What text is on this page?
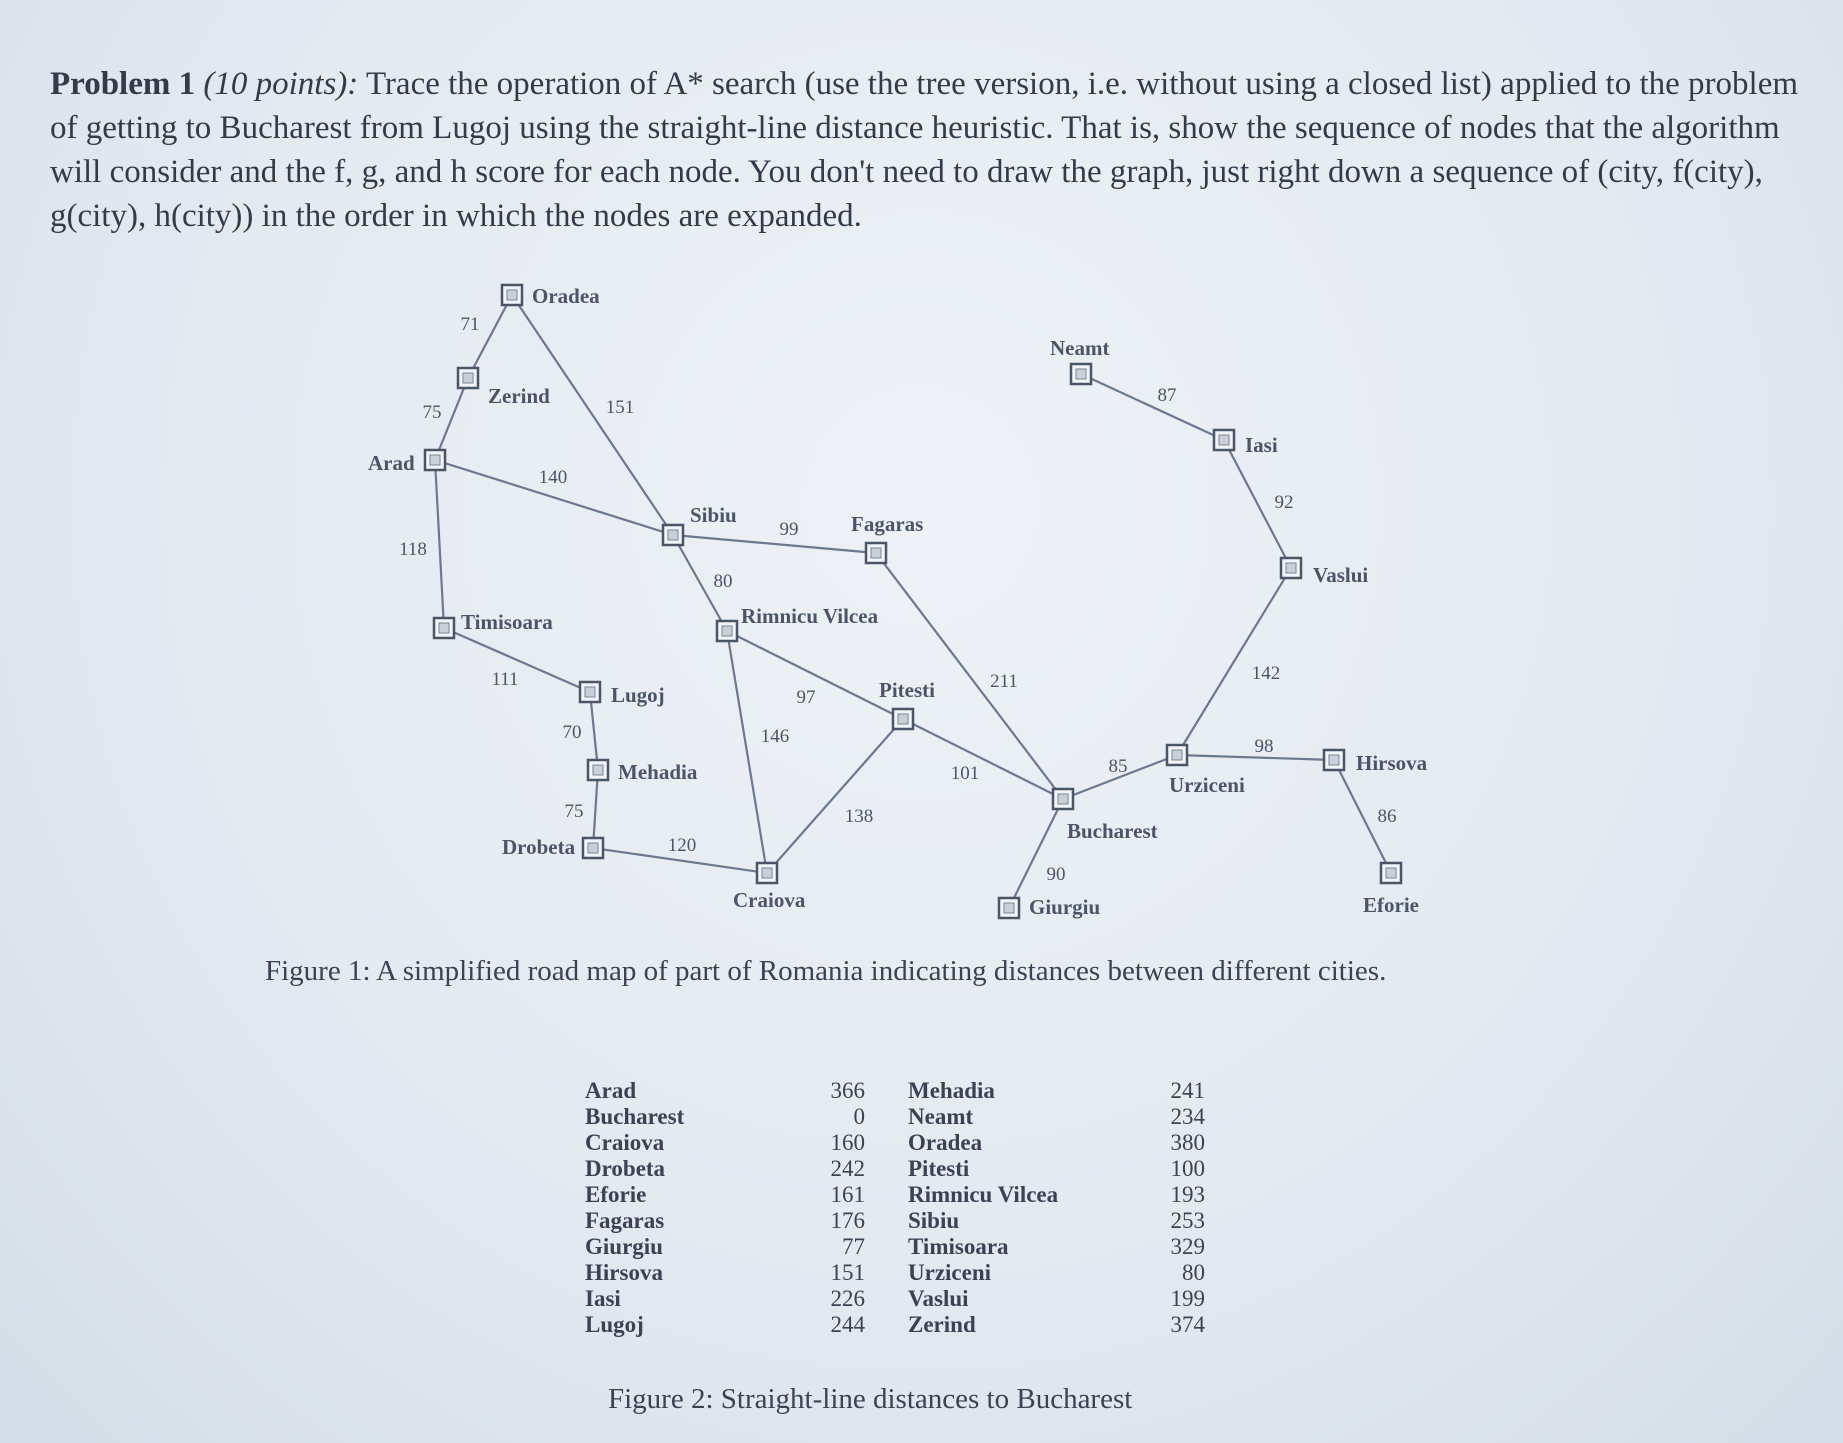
Problem 1 (10 points): Trace the operation of A* search (use the tree version, i.e. without using a closed list) applied to the problem of getting to Bucharest from Lugoj using the straight-line distance heuristic. That is, show the sequence of nodes that the algorithm will consider and the f, g, and h score for each node. You don't need to draw the graph, just right down a sequence of (city, f(city), g(city), h(city)) in the order in which the nodes are expanded.
71
75	151
140
118
111
70
75
120
99
80
97
146
138
211
101
90
85
142
98
92
87
86
Oradea
Zerind
Arad
Timisoara
Lugoj
Mehadia
Drobeta
Sibiu	Fagaras
Rimnicu Vilcea
Pitesti
Craiova
Bucharest
Giurgiu
Urziceni
Neamt
Iasi
Vaslui
Hirsova
Eforie
Figure 1: A simplified road map of part of Romania indicating distances between different cities.
Arad
Bucharest
Craiova
Drobeta
Eforie
Fagaras
Giurgiu
Hirsova
Iasi
Lugoj
366
0
160
242
161
176
77
151
226
244
Mehadia
Neamt
Oradea
Pitesti
Rimnicu Vilcea
Sibiu
Timisoara
Urziceni
Vaslui
Zerind
241
234
380
100
193
253
329
80
199
374
Figure 2: Straight-line distances to Bucharest
